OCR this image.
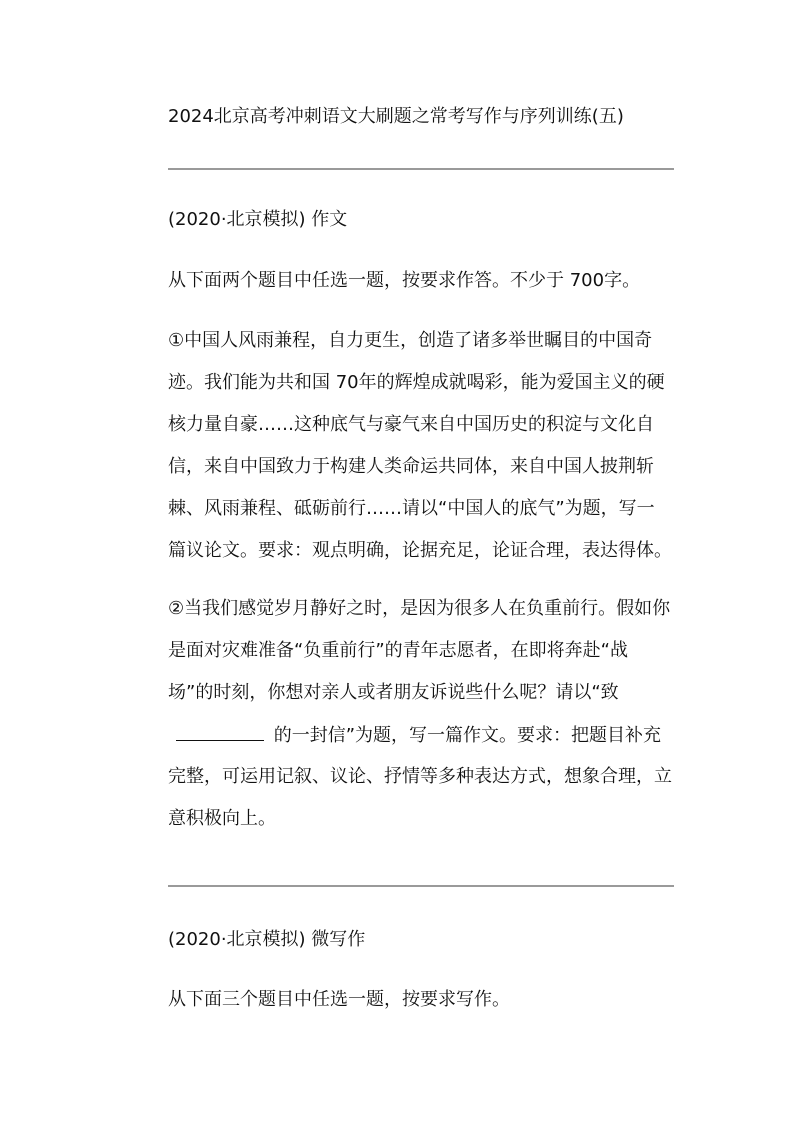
2024北京高考冲刺语文大刷题之常考写作与序列训练(五)
(2020·北京模拟) 作文
从下面两个题目中任选一题，按要求作答。不少于 700字。
①中国人风雨兼程，自力更生，创造了诸多举世瞩目的中国奇
迹。我们能为共和国 70年的辉煌成就喝彩，能为爱国主义的硬
核力量自豪……这种底气与豪气来自中国历史的积淀与文化自
信，来自中国致力于构建人类命运共同体，来自中国人披荆斩
棘、风雨兼程、砥砺前行……请以“中国人的底气”为题，写一
篇议论文。要求：观点明确，论据充足，论证合理，表达得体。
②当我们感觉岁月静好之时，是因为很多人在负重前行。假如你
是面对灾难准备“负重前行”的青年志愿者，在即将奔赴“战
场”的时刻，你想对亲人或者朋友诉说些什么呢？请以“致
的一封信”为题，写一篇作文。要求：把题目补充
完整，可运用记叙、议论、抒情等多种表达方式，想象合理，立
意积极向上。
(2020·北京模拟) 微写作
从下面三个题目中任选一题，按要求写作。
